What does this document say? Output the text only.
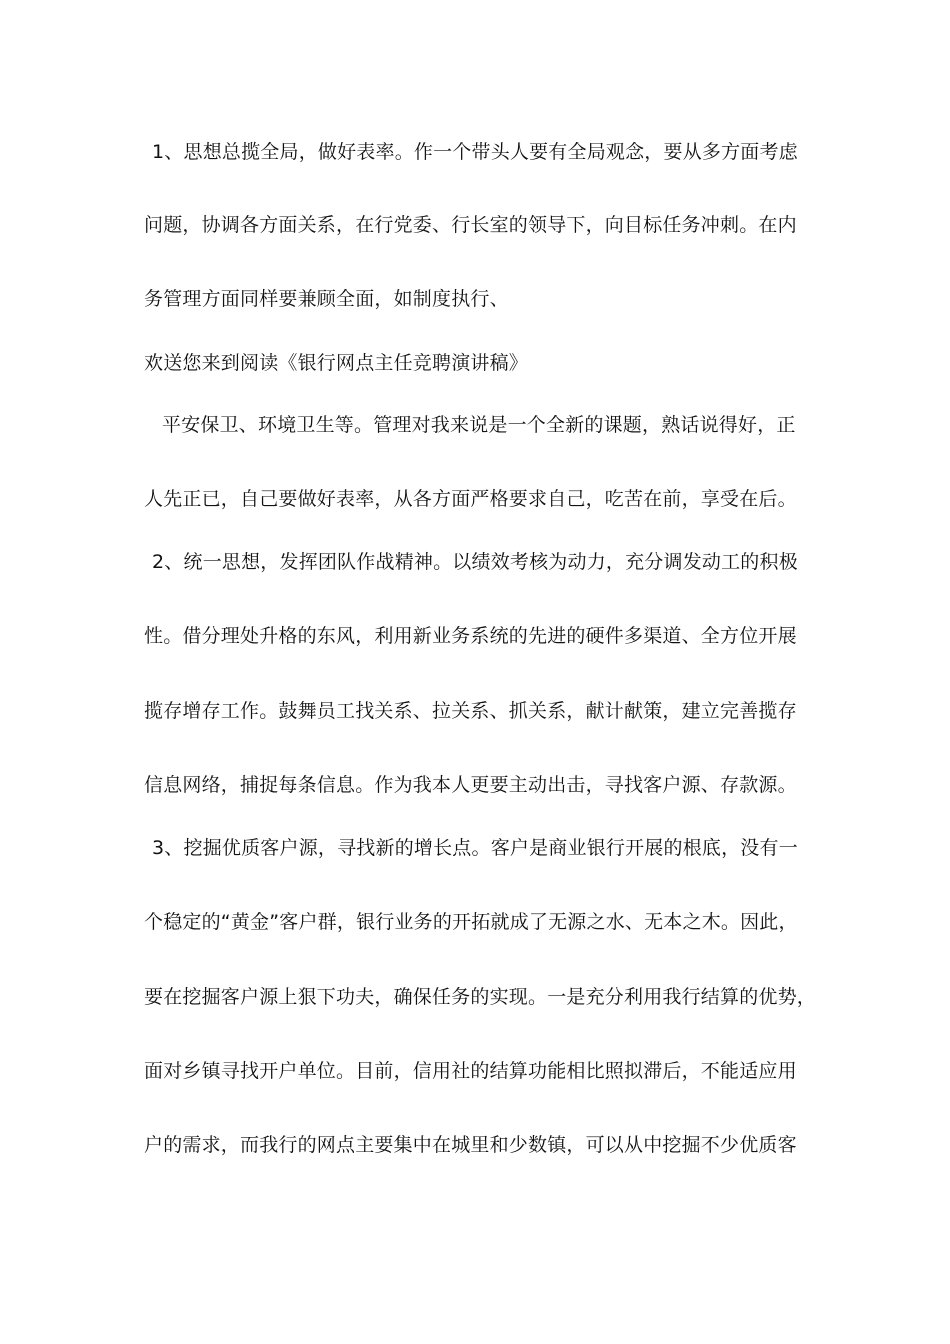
1、思想总揽全局，做好表率。作一个带头人要有全局观念，要从多方面考虑
问题，协调各方面关系，在行党委、行长室的领导下，向目标任务冲刺。在内
务管理方面同样要兼顾全面，如制度执行、
欢送您来到阅读《银行网点主任竞聘演讲稿》
平安保卫、环境卫生等。管理对我来说是一个全新的课题，熟话说得好，正
人先正已，自己要做好表率，从各方面严格要求自己，吃苦在前，享受在后。
2、统一思想，发挥团队作战精神。以绩效考核为动力，充分调发动工的积极
性。借分理处升格的东风，利用新业务系统的先进的硬件多渠道、全方位开展
揽存增存工作。鼓舞员工找关系、拉关系、抓关系，献计献策，建立完善揽存
信息网络，捕捉每条信息。作为我本人更要主动出击，寻找客户源、存款源。
3、挖掘优质客户源，寻找新的增长点。客户是商业银行开展的根底，没有一
个稳定的“黄金”客户群，银行业务的开拓就成了无源之水、无本之木。因此，
要在挖掘客户源上狠下功夫，确保任务的实现。一是充分利用我行结算的优势，
面对乡镇寻找开户单位。目前，信用社的结算功能相比照拟滞后，不能适应用
户的需求，而我行的网点主要集中在城里和少数镇，可以从中挖掘不少优质客
